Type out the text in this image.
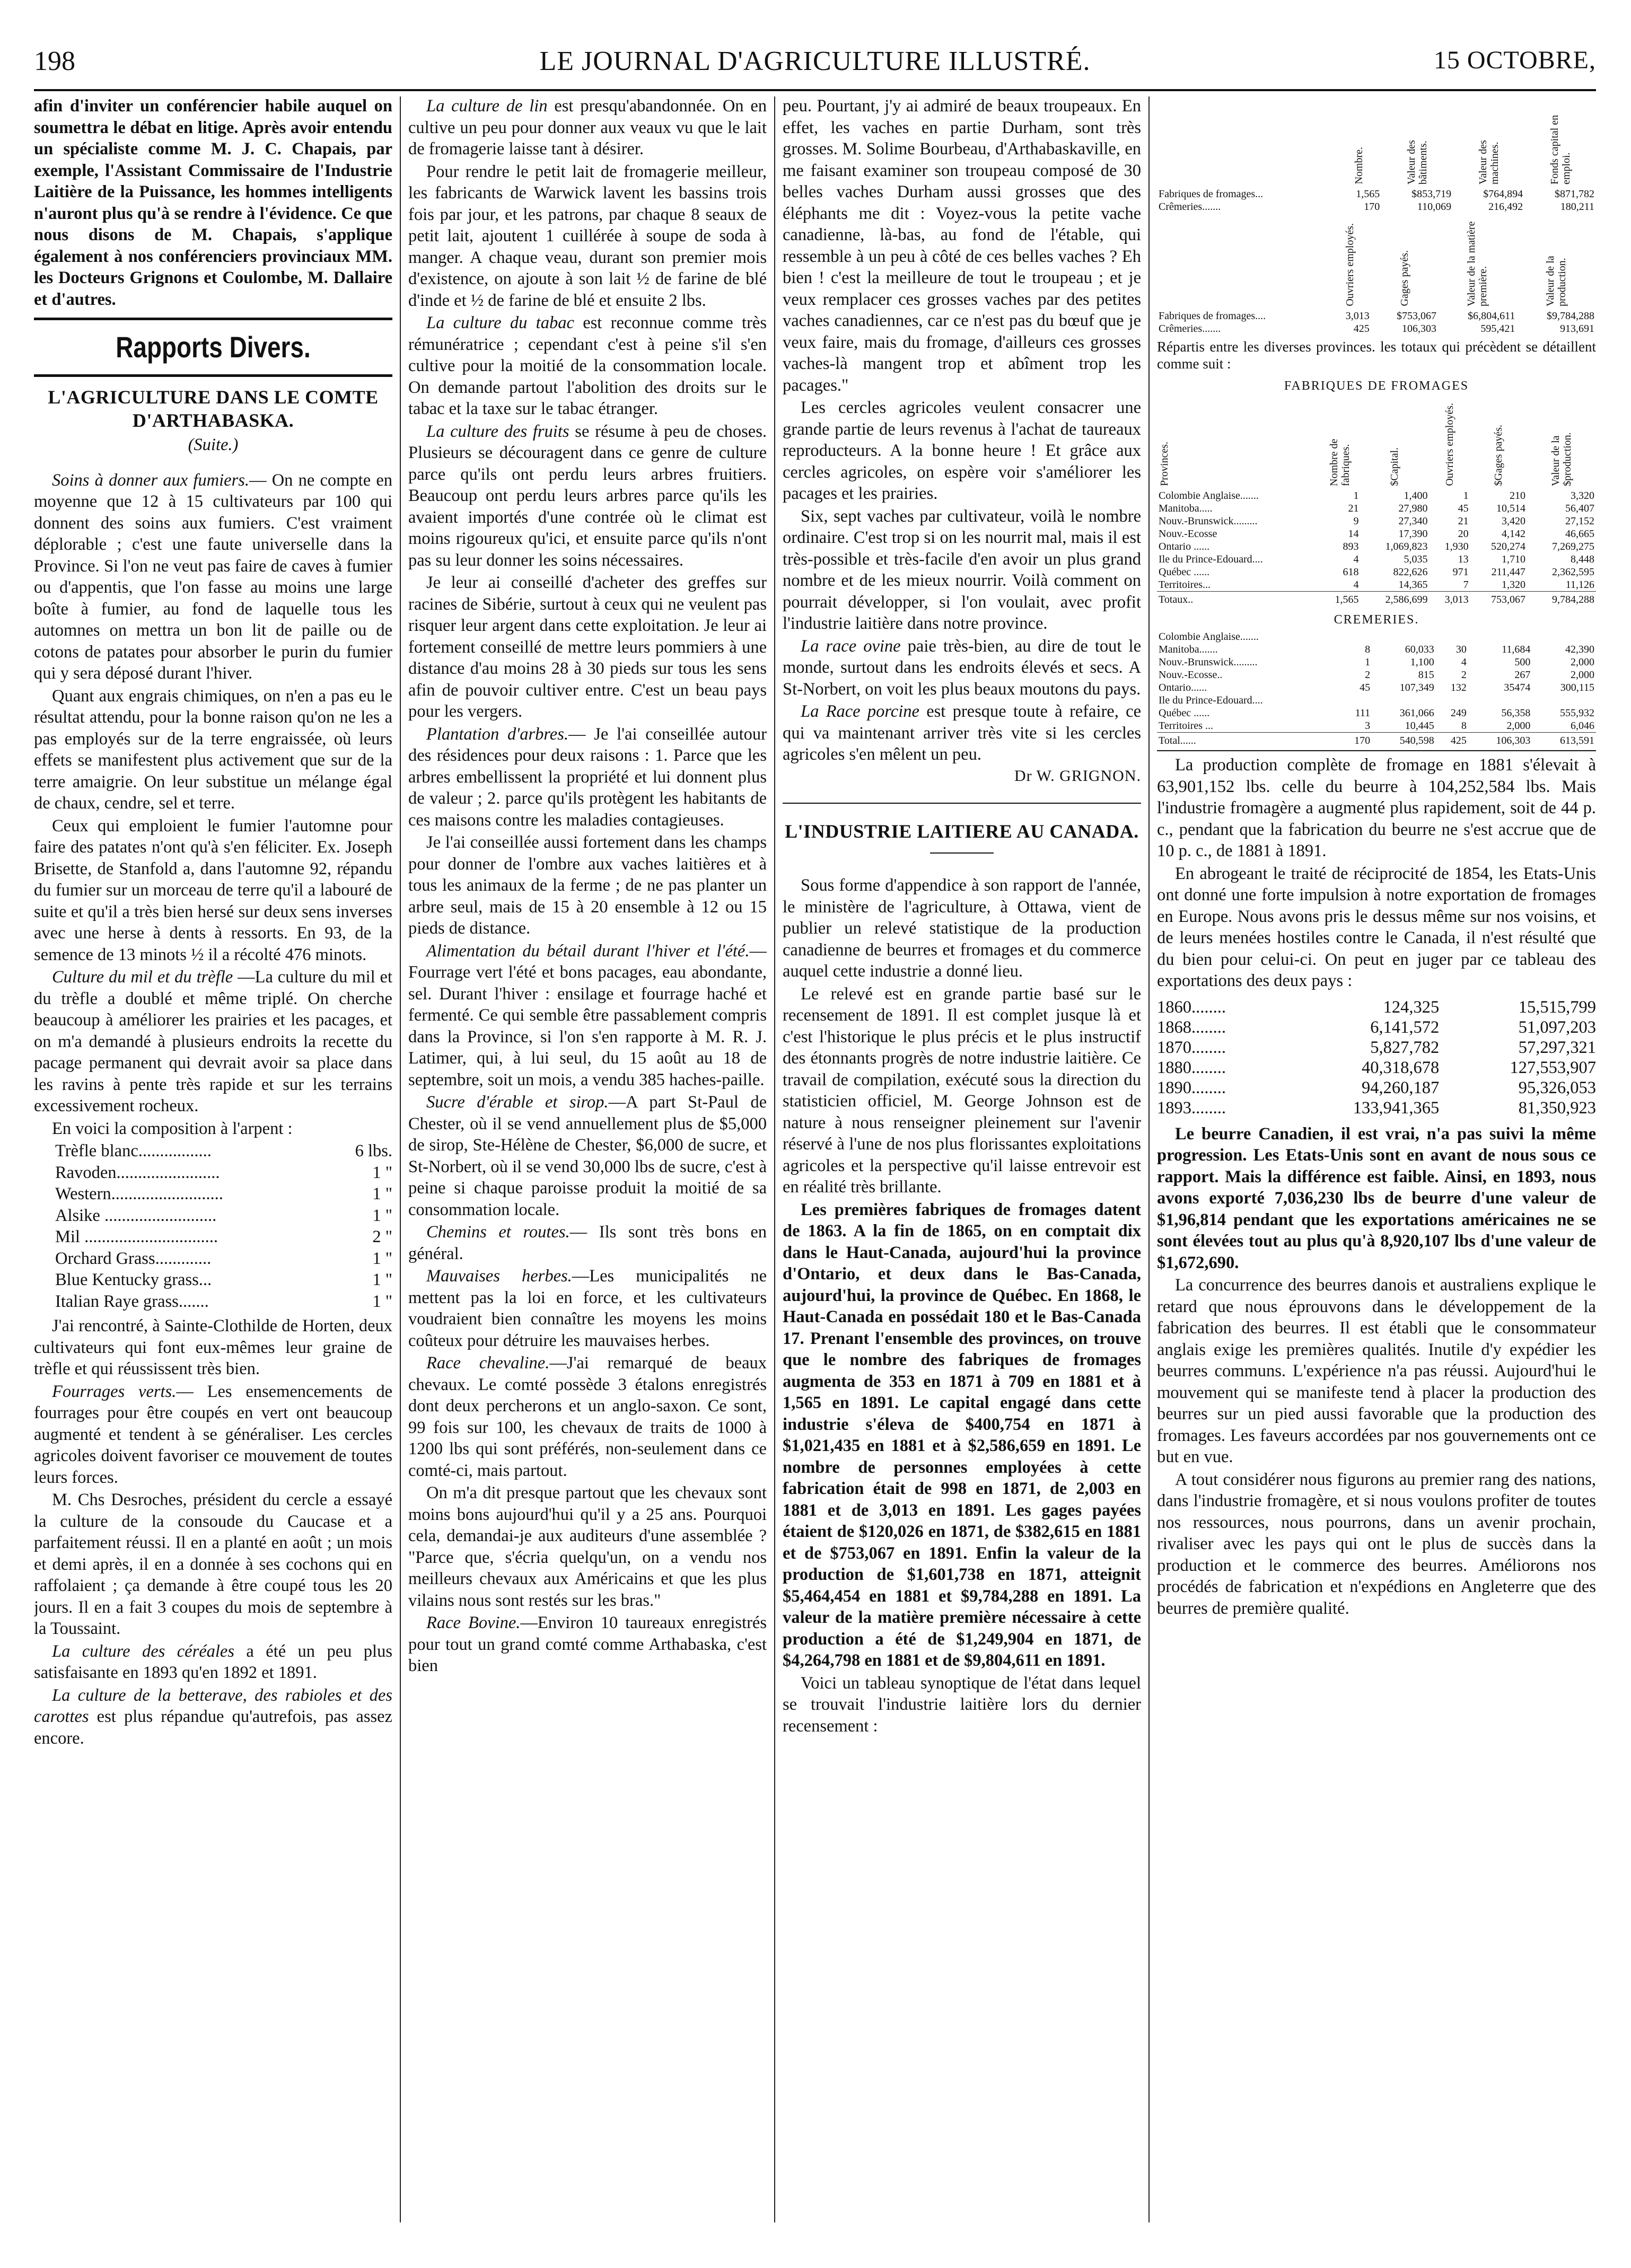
198	LE JOURNAL D'AGRICULTURE ILLUSTRÉ.	15 OCTOBRE,

afin d'inviter un conférencier habile auquel on soumettra le débat en litige. Après avoir entendu un spécialiste comme M. J. C. Chapais, par exemple, l'Assistant Commissaire de l'Industrie Laitière de la Puissance, les hommes intelligents n'auront plus qu'à se rendre à l'évidence. Ce que nous disons de M. Chapais, s'applique également à nos conférenciers provinciaux MM. les Docteurs Grignons et Coulombe, M. Dallaire et d'autres.

Rapports Divers.
L'AGRICULTURE DANS LE COMTE D'ARTHABASKA.
(Suite.)

Soins à donner aux fumiers.— On ne compte en moyenne que 12 à 15 cultivateurs par 100 qui donnent des soins aux fumiers. C'est vraiment déplorable ; c'est une faute universelle dans la Province. Si l'on ne veut pas faire de caves à fumier ou d'appentis, que l'on fasse au moins une large boîte à fumier, au fond de laquelle tous les automnes on mettra un bon lit de paille ou de cotons de patates pour absorber le purin du fumier qui y sera déposé durant l'hiver.

Quant aux engrais chimiques, on n'en a pas eu le résultat attendu, pour la bonne raison qu'on ne les a pas employés sur de la terre engraissée, où leurs effets se manifestent plus activement que sur de la terre amaigrie. On leur substitue un mélange égal de chaux, cendre, sel et terre.

Ceux qui emploient le fumier l'automne pour faire des patates n'ont qu'à s'en féliciter. Ex. Joseph Brisette, de Stanfold a, dans l'automne 92, répandu du fumier sur un morceau de terre qu'il a labouré de suite et qu'il a très bien hersé sur deux sens inverses avec une herse à dents à ressorts. En 93, de la semence de 13 minots ½ il a récolté 476 minots.

Culture du mil et du trèfle —La culture du mil et du trèfle a doublé et même triplé. On cherche beaucoup à améliorer les prairies et les pacages, et on m'a demandé à plusieurs endroits la recette du pacage permanent qui devrait avoir sa place dans les ravins à pente très rapide et sur les terrains excessivement rocheux.

En voici la composition à l'arpent :

Trèfle blanc.................	6 lbs.
Ravoden........................	1 "
Western..........................	1 "
Alsike ..........................	1 "
Mil ...............................	2 "
Orchard Grass.............	1 "
Blue Kentucky grass...	1 "
Italian Raye grass.......	1 "

J'ai rencontré, à Sainte-Clothilde de Horten, deux cultivateurs qui font eux-mêmes leur graine de trèfle et qui réussissent très bien.

Fourrages verts.— Les ensemencements de fourrages pour être coupés en vert ont beaucoup augmenté et tendent à se généraliser. Les cercles agricoles doivent favoriser ce mouvement de toutes leurs forces.

M. Chs Desroches, président du cercle a essayé la culture de la consoude du Caucase et a parfaitement réussi. Il en a planté en août ; un mois et demi après, il en a donnée à ses cochons qui en raffolaient ; ça demande à être coupé tous les 20 jours. Il en a fait 3 coupes du mois de septembre à la Toussaint.

La culture des céréales a été un peu plus satisfaisante en 1893 qu'en 1892 et 1891.

La culture de la betterave, des rabioles et des carottes est plus répandue qu'autrefois, pas assez encore.

La culture de lin est presqu'abandonnée. On en cultive un peu pour donner aux veaux vu que le lait de fromagerie laisse tant à désirer.

Pour rendre le petit lait de fromagerie meilleur, les fabricants de Warwick lavent les bassins trois fois par jour, et les patrons, par chaque 8 seaux de petit lait, ajoutent 1 cuillérée à soupe de soda à manger. A chaque veau, durant son premier mois d'existence, on ajoute à son lait ½ de farine de blé d'inde et ½ de farine de blé et ensuite 2 lbs.

La culture du tabac est reconnue comme très rémunératrice ; cependant c'est à peine s'il s'en cultive pour la moitié de la consommation locale. On demande partout l'abolition des droits sur le tabac et la taxe sur le tabac étranger.

La culture des fruits se résume à peu de choses. Plusieurs se découragent dans ce genre de culture parce qu'ils ont perdu leurs arbres fruitiers. Beaucoup ont perdu leurs arbres parce qu'ils les avaient importés d'une contrée où le climat est moins rigoureux qu'ici, et ensuite parce qu'ils n'ont pas su leur donner les soins nécessaires.

Je leur ai conseillé d'acheter des greffes sur racines de Sibérie, surtout à ceux qui ne veulent pas risquer leur argent dans cette exploitation. Je leur ai fortement conseillé de mettre leurs pommiers à une distance d'au moins 28 à 30 pieds sur tous les sens afin de pouvoir cultiver entre. C'est un beau pays pour les vergers.

Plantation d'arbres.— Je l'ai conseillée autour des résidences pour deux raisons : 1. Parce que les arbres embellissent la propriété et lui donnent plus de valeur ; 2. parce qu'ils protègent les habitants de ces maisons contre les maladies contagieuses.

Je l'ai conseillée aussi fortement dans les champs pour donner de l'ombre aux vaches laitières et à tous les animaux de la ferme ; de ne pas planter un arbre seul, mais de 15 à 20 ensemble à 12 ou 15 pieds de distance.

Alimentation du bétail durant l'hiver et l'été.—Fourrage vert l'été et bons pacages, eau abondante, sel. Durant l'hiver : ensilage et fourrage haché et fermenté. Ce qui semble être passablement compris dans la Province, si l'on s'en rapporte à M. R. J. Latimer, qui, à lui seul, du 15 août au 18 de septembre, soit un mois, a vendu 385 haches-paille.

Sucre d'érable et sirop.—A part St-Paul de Chester, où il se vend annuellement plus de $5,000 de sirop, Ste-Hélène de Chester, $6,000 de sucre, et St-Norbert, où il se vend 30,000 lbs de sucre, c'est à peine si chaque paroisse produit la moitié de sa consommation locale.

Chemins et routes.— Ils sont très bons en général.

Mauvaises herbes.—Les municipalités ne mettent pas la loi en force, et les cultivateurs voudraient bien connaître les moyens les moins coûteux pour détruire les mauvaises herbes.

Race chevaline.—J'ai remarqué de beaux chevaux. Le comté possède 3 étalons enregistrés dont deux percherons et un anglo-saxon. Ce sont, 99 fois sur 100, les chevaux de traits de 1000 à 1200 lbs qui sont préférés, non-seulement dans ce comté-ci, mais partout.

On m'a dit presque partout que les chevaux sont moins bons aujourd'hui qu'il y a 25 ans. Pourquoi cela, demandai-je aux auditeurs d'une assemblée ? "Parce que, s'écria quelqu'un, on a vendu nos meilleurs chevaux aux Américains et que les plus vilains nous sont restés sur les bras."

Race Bovine.—Environ 10 taureaux enregistrés pour tout un grand comté comme Arthabaska, c'est bien

peu. Pourtant, j'y ai admiré de beaux troupeaux. En effet, les vaches en partie Durham, sont très grosses. M. Solime Bourbeau, d'Arthabaskaville, en me faisant examiner son troupeau composé de 30 belles vaches Durham aussi grosses que des éléphants me dit : Voyez-vous la petite vache canadienne, là-bas, au fond de l'étable, qui ressemble à un peu à côté de ces belles vaches ? Eh bien ! c'est la meilleure de tout le troupeau ; et je veux remplacer ces grosses vaches par des petites vaches canadiennes, car ce n'est pas du bœuf que je veux faire, mais du fromage, d'ailleurs ces grosses vaches-là mangent trop et abîment trop les pacages."

Les cercles agricoles veulent consacrer une grande partie de leurs revenus à l'achat de taureaux reproducteurs. A la bonne heure ! Et grâce aux cercles agricoles, on espère voir s'améliorer les pacages et les prairies.

Six, sept vaches par cultivateur, voilà le nombre ordinaire. C'est trop si on les nourrit mal, mais il est très-possible et très-facile d'en avoir un plus grand nombre et de les mieux nourrir. Voilà comment on pourrait développer, si l'on voulait, avec profit l'industrie laitière dans notre province.

La race ovine paie très-bien, au dire de tout le monde, surtout dans les endroits élevés et secs. A St-Norbert, on voit les plus beaux moutons du pays.

La Race porcine est presque toute à refaire, ce qui va maintenant arriver très vite si les cercles agricoles s'en mêlent un peu.

Dr W. GRIGNON.
L'INDUSTRIE LAITIERE AU CANADA.

Sous forme d'appendice à son rapport de l'année, le ministère de l'agriculture, à Ottawa, vient de publier un relevé statistique de la production canadienne de beurres et fromages et du commerce auquel cette industrie a donné lieu.

Le relevé est en grande partie basé sur le recensement de 1891. Il est complet jusque là et c'est l'historique le plus précis et le plus instructif des étonnants progrès de notre industrie laitière. Ce travail de compilation, exécuté sous la direction du statisticien officiel, M. George Johnson est de nature à nous renseigner pleinement sur l'avenir réservé à l'une de nos plus florissantes exploitations agricoles et la perspective qu'il laisse entrevoir est en réalité très brillante.

Les premières fabriques de fromages datent de 1863. A la fin de 1865, on en comptait dix dans le Haut-Canada, aujourd'hui la province d'Ontario, et deux dans le Bas-Canada, aujourd'hui, la province de Québec. En 1868, le Haut-Canada en possédait 180 et le Bas-Canada 17. Prenant l'ensemble des provinces, on trouve que le nombre des fabriques de fromages augmenta de 353 en 1871 à 709 en 1881 et à 1,565 en 1891. Le capital engagé dans cette industrie s'éleva de $400,754 en 1871 à $1,021,435 en 1881 et à $2,586,659 en 1891. Le nombre de personnes employées à cette fabrication était de 998 en 1871, de 2,003 en 1881 et de 3,013 en 1891. Les gages payées étaient de $120,026 en 1871, de $382,615 en 1881 et de $753,067 en 1891. Enfin la valeur de la production de $1,601,738 en 1871, atteignit $5,464,454 en 1881 et $9,784,288 en 1891. La valeur de la matière première nécessaire à cette production a été de $1,249,904 en 1871, de $4,264,798 en 1881 et de $9,804,611 en 1891.

Voici un tableau synoptique de l'état dans lequel se trouvait l'industrie laitière lors du dernier recensement :

	Nombre.	Valeur des bâtiments.	Valeur des machines.	Fonds capital en emploi.
Fabriques de fromages...	1,565	$853,719	$764,894	$871,782
Crêmeries.......	170	110,069	216,492	180,211
	Ouvriers employés.	Gages payés.	Valeur de la matière première.	Valeur de la production.
Fabriques de fromages....	3,013	$753,067	$6,804,611	$9,784,288
Crêmeries.......	425	106,303	595,421	913,691

Répartis entre les diverses provinces. les totaux qui précèdent se détaillent comme suit :

FABRIQUES DE FROMAGES
Provinces.	Nombre de fabriques.	$Capital.	Ouvriers employés.	$Gages payés.	Valeur de la $production.
Colombie Anglaise.......	1	1,400	1	210	3,320
Manitoba.....	21	27,980	45	10,514	56,407
Nouv.-Brunswick.........	9	27,340	21	3,420	27,152
Nouv.-Ecosse	14	17,390	20	4,142	46,665
Ontario ......	893	1,069,823	1,930	520,274	7,269,275
Ile du Prince-Edouard....	4	5,035	13	1,710	8,448
Québec ......	618	822,626	971	211,447	2,362,595
Territoires...	4	14,365	7	1,320	11,126
Totaux..	1,565	2,586,699	3,013	753,067	9,784,288
CREMERIES.
Colombie Anglaise.......					
Manitoba.......	8	60,033	30	11,684	42,390
Nouv.-Brunswick.........	1	1,100	4	500	2,000
Nouv.-Ecosse..	2	815	2	267	2,000
Ontario......	45	107,349	132	35474	300,115
Ile du Prince-Edouard....					
Québec ......	111	361,066	249	56,358	555,932
Territoires ...	3	10,445	8	2,000	6,046
Total......	170	540,598	425	106,303	613,591

La production complète de fromage en 1881 s'élevait à 63,901,152 lbs. celle du beurre à 104,252,584 lbs. Mais l'industrie fromagère a augmenté plus rapidement, soit de 44 p. c., pendant que la fabrication du beurre ne s'est accrue que de 10 p. c., de 1881 à 1891.

En abrogeant le traité de réciprocité de 1854, les Etats-Unis ont donné une forte impulsion à notre exportation de fromages en Europe. Nous avons pris le dessus même sur nos voisins, et de leurs menées hostiles contre le Canada, il n'est résulté que du bien pour celui-ci. On peut en juger par ce tableau des exportations des deux pays :

1860........	124,325	15,515,799
1868........	6,141,572	51,097,203
1870........	5,827,782	57,297,321
1880........	40,318,678	127,553,907
1890........	94,260,187	95,326,053
1893........	133,941,365	81,350,923

Le beurre Canadien, il est vrai, n'a pas suivi la même progression. Les Etats-Unis sont en avant de nous sous ce rapport. Mais la différence est faible. Ainsi, en 1893, nous avons exporté 7,036,230 lbs de beurre d'une valeur de $1,96,814 pendant que les exportations américaines ne se sont élevées tout au plus qu'à 8,920,107 lbs d'une valeur de $1,672,690.

La concurrence des beurres danois et australiens explique le retard que nous éprouvons dans le développement de la fabrication des beurres. Il est établi que le consommateur anglais exige les premières qualités. Inutile d'y expédier les beurres communs. L'expérience n'a pas réussi. Aujourd'hui le mouvement qui se manifeste tend à placer la production des beurres sur un pied aussi favorable que la production des fromages. Les faveurs accordées par nos gouvernements ont ce but en vue.

A tout considérer nous figurons au premier rang des nations, dans l'industrie fromagère, et si nous voulons profiter de toutes nos ressources, nous pourrons, dans un avenir prochain, rivaliser avec les pays qui ont le plus de succès dans la production et le commerce des beurres. Améliorons nos procédés de fabrication et n'expédions en Angleterre que des beurres de première qualité.
